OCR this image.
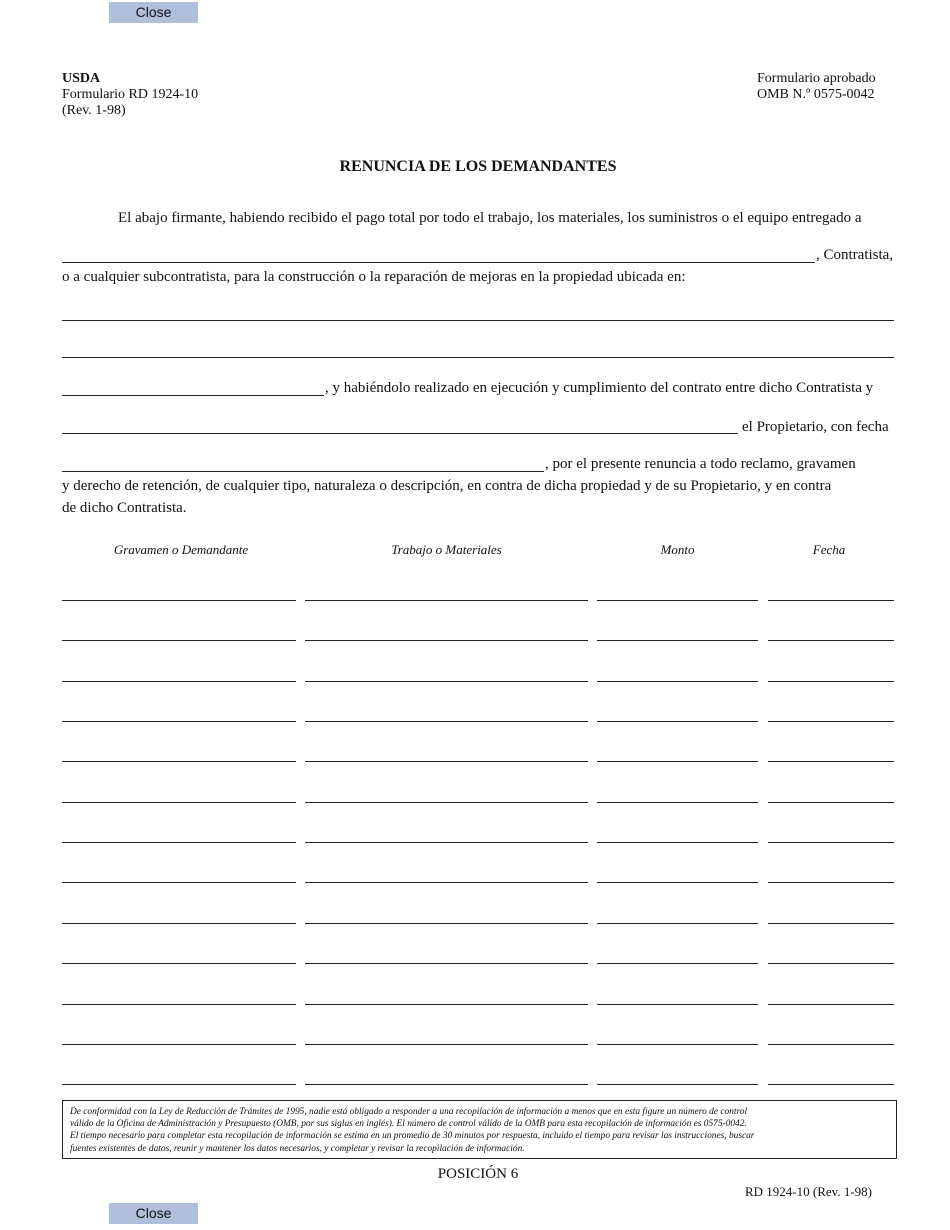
Close
USDA
Formulario RD 1924-10
(Rev. 1-98)
Formulario aprobado
OMB N.º 0575-0042
RENUNCIA DE LOS DEMANDANTES
El abajo firmante, habiendo recibido el pago total por todo el trabajo, los materiales, los suministros o el equipo entregado a
, Contratista,
o a cualquier subcontratista, para la construcción o la reparación de mejoras en la propiedad ubicada en:
, y habiéndolo realizado en ejecución y cumplimiento del contrato entre dicho Contratista y
el Propietario, con fecha
, por el presente renuncia a todo reclamo, gravamen
y derecho de retención, de cualquier tipo, naturaleza o descripción, en contra de dicha propiedad y de su Propietario, y en contra
de dicho Contratista.
Gravamen o Demandante	Trabajo o Materiales	Monto	Fecha
De conformidad con la Ley de Reducción de Trámites de 1995, nadie está obligado a responder a una recopilación de información a menos que en esta figure un número de control
válido de la Oficina de Administración y Presupuesto (OMB, por sus siglas en inglés). El número de control válido de la OMB para esta recopilación de información es 0575-0042.
El tiempo necesario para completar esta recopilación de información se estima en un promedio de 30 minutos por respuesta, incluido el tiempo para revisar las instrucciones, buscar
fuentes existentes de datos, reunir y mantener los datos necesarios, y completar y revisar la recopilación de información.
POSICIÓN 6
RD 1924-10 (Rev. 1-98)
Close
